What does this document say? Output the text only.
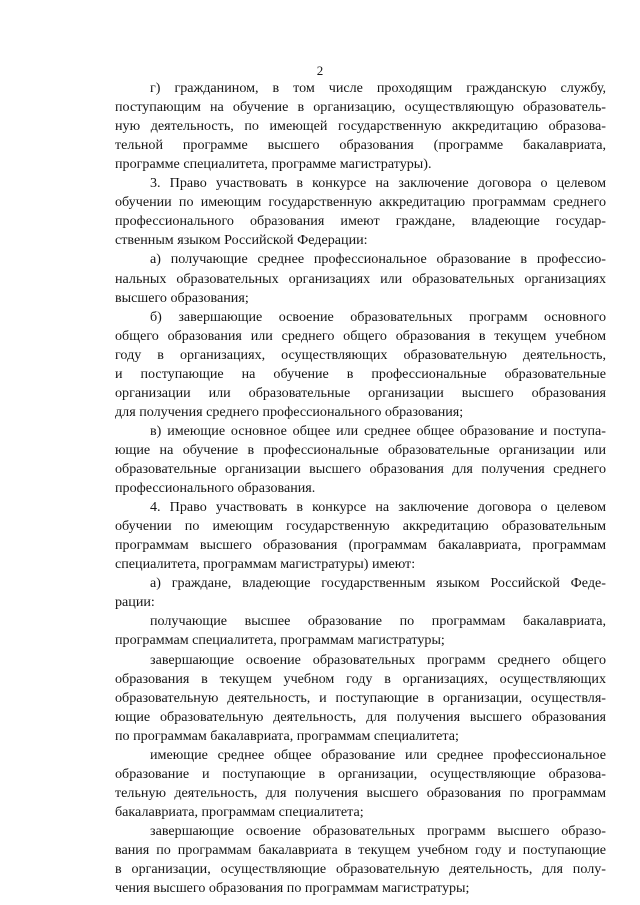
2
г) гражданином, в том числе проходящим гражданскую службу,
поступающим на обучение в организацию, осуществляющую образователь-
ную деятельность, по имеющей государственную аккредитацию образова-
тельной программе высшего образования (программе бакалавриата,
программе специалитета, программе магистратуры).
3. Право участвовать в конкурсе на заключение договора о целевом
обучении по имеющим государственную аккредитацию программам среднего
профессионального образования имеют граждане, владеющие государ-
ственным языком Российской Федерации:
а) получающие среднее профессиональное образование в профессио-
нальных образовательных организациях или образовательных организациях
высшего образования;
б) завершающие освоение образовательных программ основного
общего образования или среднего общего образования в текущем учебном
году в организациях, осуществляющих образовательную деятельность,
и поступающие на обучение в профессиональные образовательные
организации или образовательные организации высшего образования
для получения среднего профессионального образования;
в) имеющие основное общее или среднее общее образование и поступа-
ющие на обучение в профессиональные образовательные организации или
образовательные организации высшего образования для получения среднего
профессионального образования.
4. Право участвовать в конкурсе на заключение договора о целевом
обучении по имеющим государственную аккредитацию образовательным
программам высшего образования (программам бакалавриата, программам
специалитета, программам магистратуры) имеют:
а) граждане, владеющие государственным языком Российской Феде-
рации:
получающие высшее образование по программам бакалавриата,
программам специалитета, программам магистратуры;
завершающие освоение образовательных программ среднего общего
образования в текущем учебном году в организациях, осуществляющих
образовательную деятельность, и поступающие в организации, осуществля-
ющие образовательную деятельность, для получения высшего образования
по программам бакалавриата, программам специалитета;
имеющие среднее общее образование или среднее профессиональное
образование и поступающие в организации, осуществляющие образова-
тельную деятельность, для получения высшего образования по программам
бакалавриата, программам специалитета;
завершающие освоение образовательных программ высшего образо-
вания по программам бакалавриата в текущем учебном году и поступающие
в организации, осуществляющие образовательную деятельность, для полу-
чения высшего образования по программам магистратуры;
